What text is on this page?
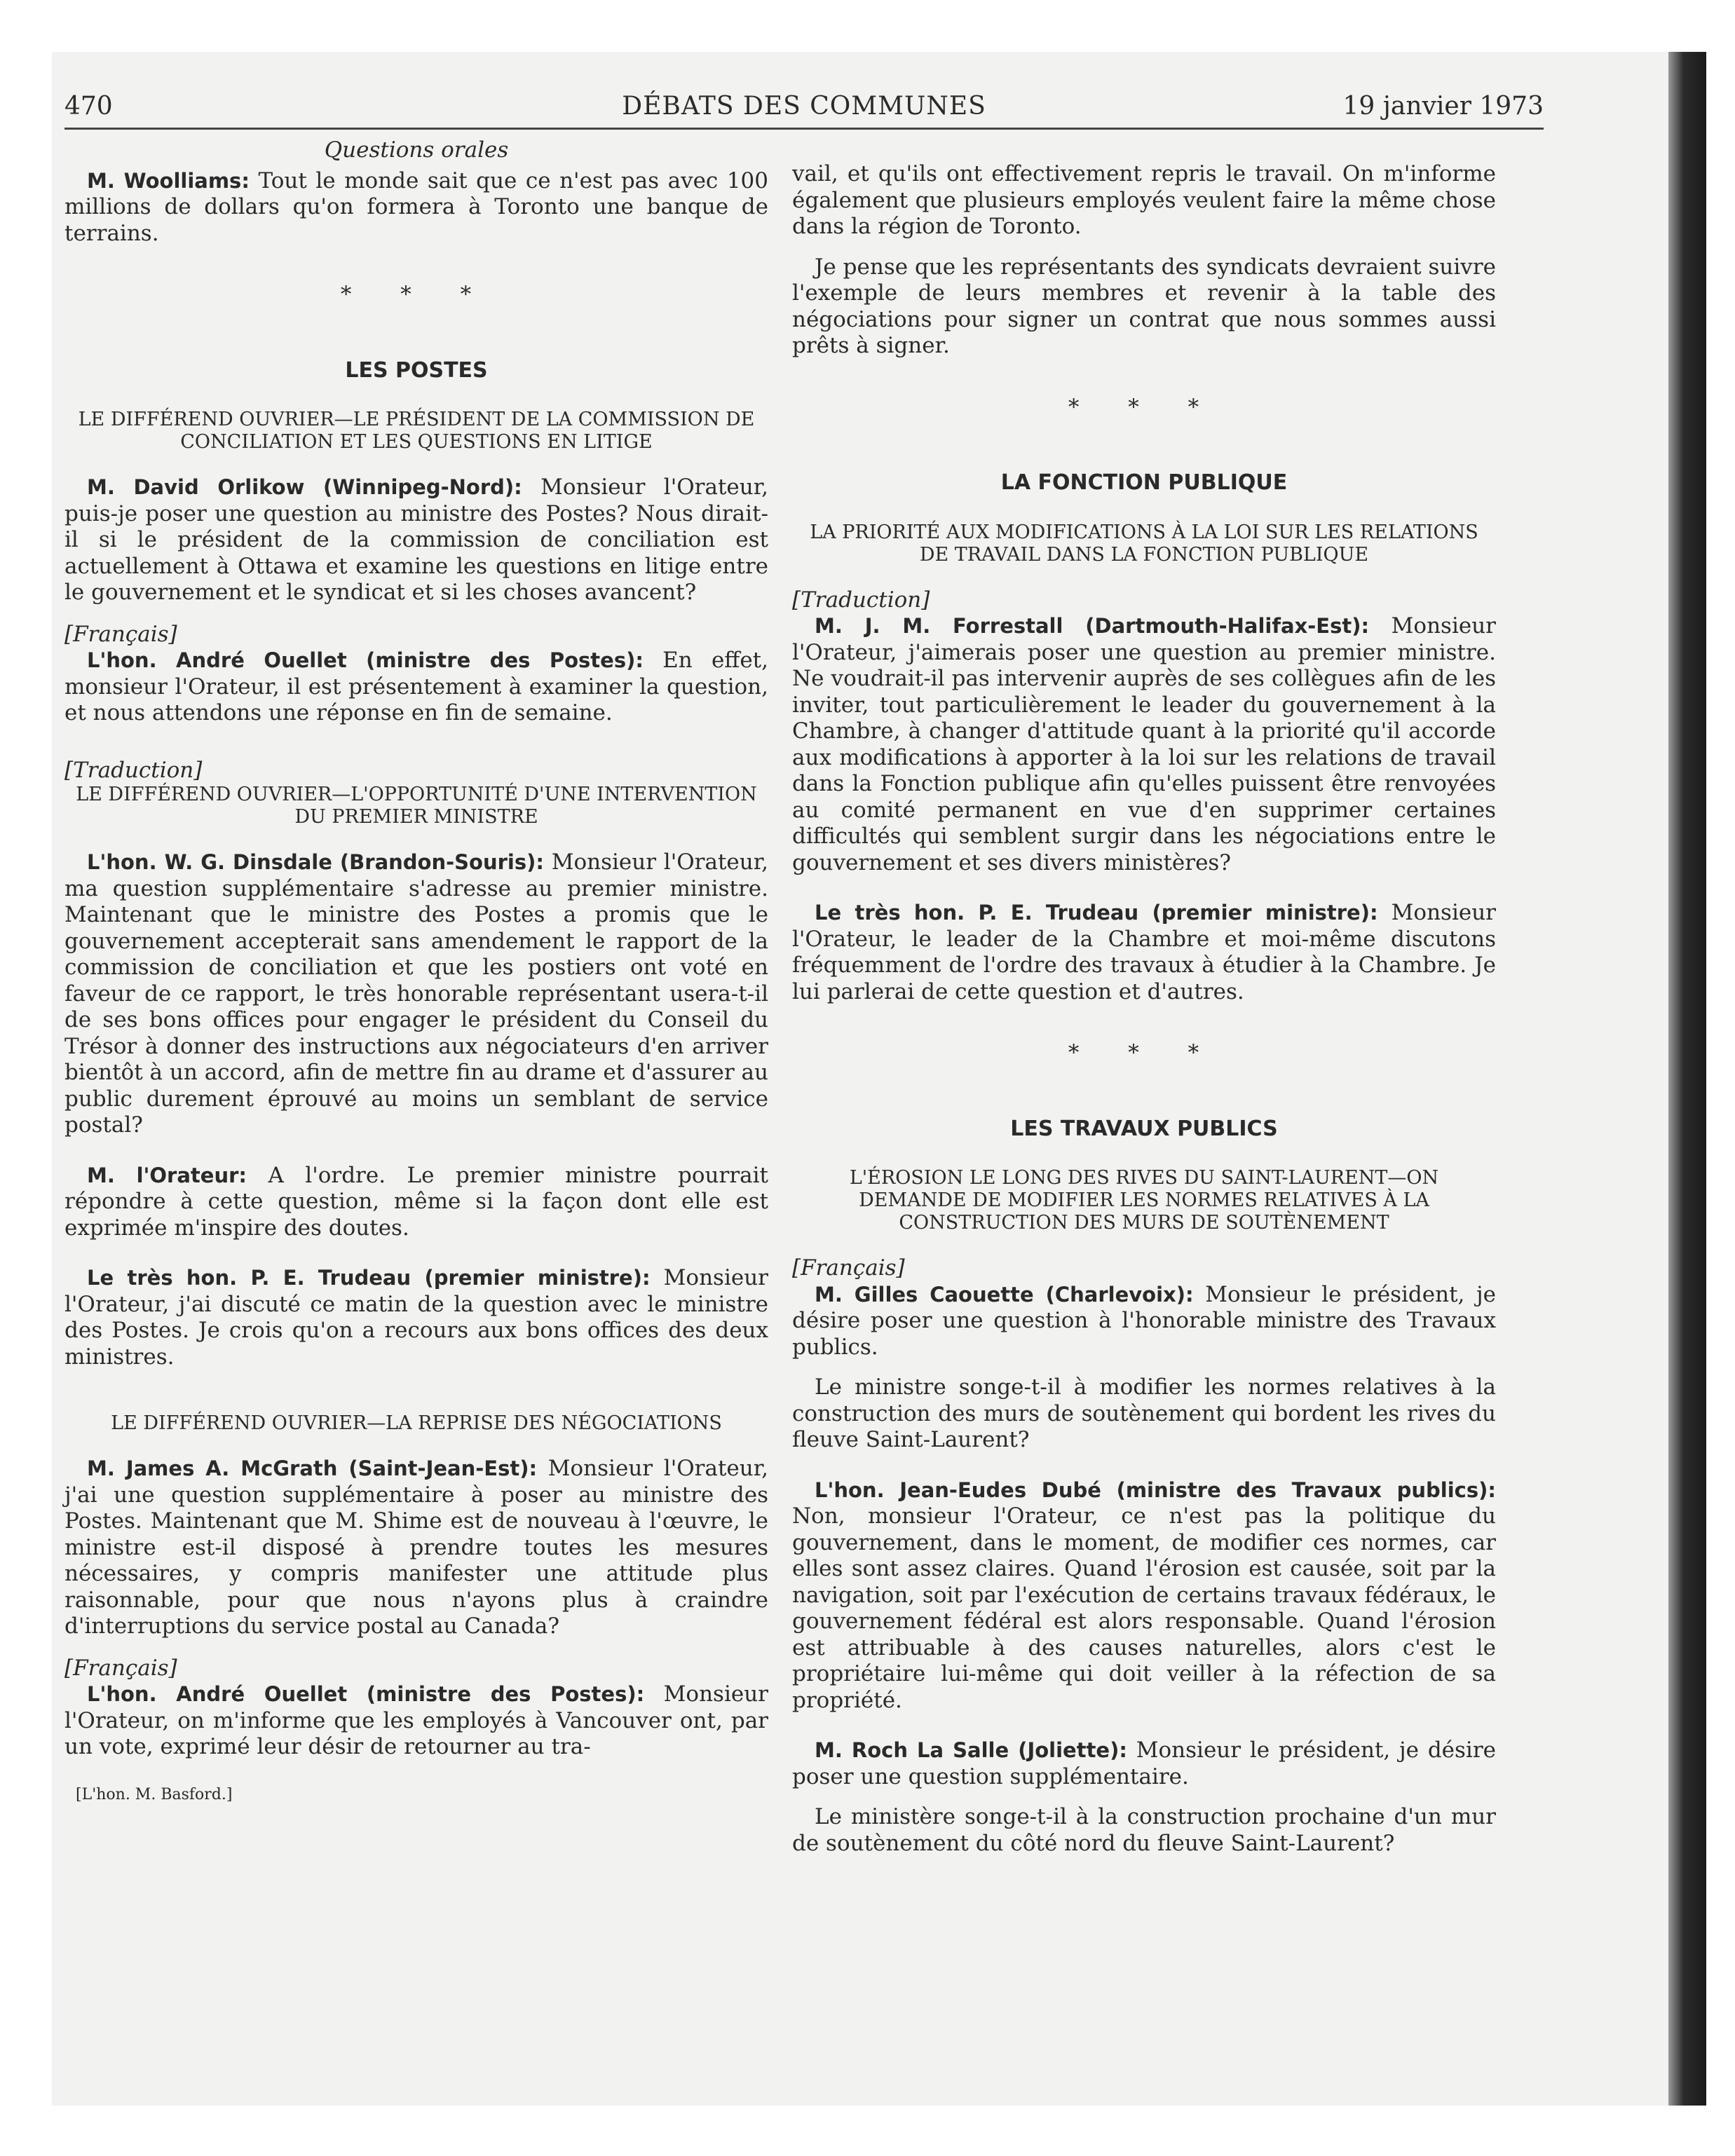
470	DÉBATS DES COMMUNES	19 janvier 1973

Questions orales

M. Woolliams: Tout le monde sait que ce n'est pas avec 100 millions de dollars qu'on formera à Toronto une banque de terrains.

* * *

LES POSTES

LE DIFFÉREND OUVRIER—LE PRÉSIDENT DE LA COMMISSION DE CONCILIATION ET LES QUESTIONS EN LITIGE

M. David Orlikow (Winnipeg-Nord): Monsieur l'Orateur, puis-je poser une question au ministre des Postes? Nous dirait-il si le président de la commission de conciliation est actuellement à Ottawa et examine les questions en litige entre le gouvernement et le syndicat et si les choses avancent?

[Français]

L'hon. André Ouellet (ministre des Postes): En effet, monsieur l'Orateur, il est présentement à examiner la question, et nous attendons une réponse en fin de semaine.

[Traduction]

LE DIFFÉREND OUVRIER—L'OPPORTUNITÉ D'UNE INTERVENTION DU PREMIER MINISTRE

L'hon. W. G. Dinsdale (Brandon-Souris): Monsieur l'Orateur, ma question supplémentaire s'adresse au premier ministre. Maintenant que le ministre des Postes a promis que le gouvernement accepterait sans amendement le rapport de la commission de conciliation et que les postiers ont voté en faveur de ce rapport, le très honorable représentant usera-t-il de ses bons offices pour engager le président du Conseil du Trésor à donner des instructions aux négociateurs d'en arriver bientôt à un accord, afin de mettre fin au drame et d'assurer au public durement éprouvé au moins un semblant de service postal?

M. l'Orateur: A l'ordre. Le premier ministre pourrait répondre à cette question, même si la façon dont elle est exprimée m'inspire des doutes.

Le très hon. P. E. Trudeau (premier ministre): Monsieur l'Orateur, j'ai discuté ce matin de la question avec le ministre des Postes. Je crois qu'on a recours aux bons offices des deux ministres.

LE DIFFÉREND OUVRIER—LA REPRISE DES NÉGOCIATIONS

M. James A. McGrath (Saint-Jean-Est): Monsieur l'Orateur, j'ai une question supplémentaire à poser au ministre des Postes. Maintenant que M. Shime est de nouveau à l'œuvre, le ministre est-il disposé à prendre toutes les mesures nécessaires, y compris manifester une attitude plus raisonnable, pour que nous n'ayons plus à craindre d'interruptions du service postal au Canada?

[Français]

L'hon. André Ouellet (ministre des Postes): Monsieur l'Orateur, on m'informe que les employés à Vancouver ont, par un vote, exprimé leur désir de retourner au tra-

[L'hon. M. Basford.]

vail, et qu'ils ont effectivement repris le travail. On m'informe également que plusieurs employés veulent faire la même chose dans la région de Toronto.

Je pense que les représentants des syndicats devraient suivre l'exemple de leurs membres et revenir à la table des négociations pour signer un contrat que nous sommes aussi prêts à signer.

* * *

LA FONCTION PUBLIQUE

LA PRIORITÉ AUX MODIFICATIONS À LA LOI SUR LES RELATIONS DE TRAVAIL DANS LA FONCTION PUBLIQUE

[Traduction]

M. J. M. Forrestall (Dartmouth-Halifax-Est): Monsieur l'Orateur, j'aimerais poser une question au premier ministre. Ne voudrait-il pas intervenir auprès de ses collègues afin de les inviter, tout particulièrement le leader du gouvernement à la Chambre, à changer d'attitude quant à la priorité qu'il accorde aux modifications à apporter à la loi sur les relations de travail dans la Fonction publique afin qu'elles puissent être renvoyées au comité permanent en vue d'en supprimer certaines difficultés qui semblent surgir dans les négociations entre le gouvernement et ses divers ministères?

Le très hon. P. E. Trudeau (premier ministre): Monsieur l'Orateur, le leader de la Chambre et moi-même discutons fréquemment de l'ordre des travaux à étudier à la Chambre. Je lui parlerai de cette question et d'autres.

* * *

LES TRAVAUX PUBLICS

L'ÉROSION LE LONG DES RIVES DU SAINT-LAURENT—ON DEMANDE DE MODIFIER LES NORMES RELATIVES À LA CONSTRUCTION DES MURS DE SOUTÈNEMENT

[Français]

M. Gilles Caouette (Charlevoix): Monsieur le président, je désire poser une question à l'honorable ministre des Travaux publics.

Le ministre songe-t-il à modifier les normes relatives à la construction des murs de soutènement qui bordent les rives du fleuve Saint-Laurent?

L'hon. Jean-Eudes Dubé (ministre des Travaux publics): Non, monsieur l'Orateur, ce n'est pas la politique du gouvernement, dans le moment, de modifier ces normes, car elles sont assez claires. Quand l'érosion est causée, soit par la navigation, soit par l'exécution de certains travaux fédéraux, le gouvernement fédéral est alors responsable. Quand l'érosion est attribuable à des causes naturelles, alors c'est le propriétaire lui-même qui doit veiller à la réfection de sa propriété.

M. Roch La Salle (Joliette): Monsieur le président, je désire poser une question supplémentaire.

Le ministère songe-t-il à la construction prochaine d'un mur de soutènement du côté nord du fleuve Saint-Laurent?
